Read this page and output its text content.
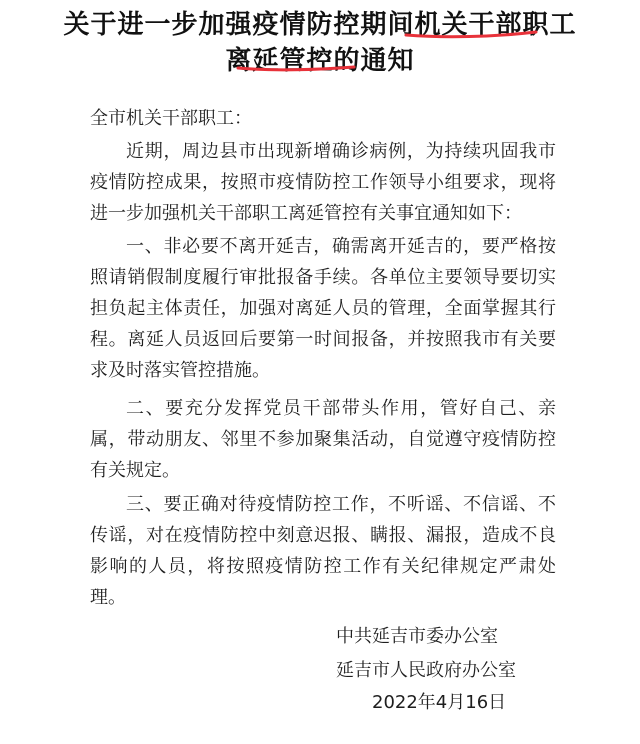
关于进一步加强疫情防控期间机关干部职工
离延管控的通知
全市机关干部职工：
近期，周边县市出现新增确诊病例，为持续巩固我市疫情防控成果，按照市疫情防控工作领导小组要求，现将进一步加强机关干部职工离延管控有关事宜通知如下：
一、非必要不离开延吉，确需离开延吉的，要严格按照请销假制度履行审批报备手续。各单位主要领导要切实担负起主体责任，加强对离延人员的管理，全面掌握其行程。离延人员返回后要第一时间报备，并按照我市有关要求及时落实管控措施。
二、要充分发挥党员干部带头作用，管好自己、亲属，带动朋友、邻里不参加聚集活动，自觉遵守疫情防控有关规定。
三、要正确对待疫情防控工作，不听谣、不信谣、不传谣，对在疫情防控中刻意迟报、瞒报、漏报，造成不良影响的人员，将按照疫情防控工作有关纪律规定严肃处理。
中共延吉市委办公室
延吉市人民政府办公室
2022年4月16日
